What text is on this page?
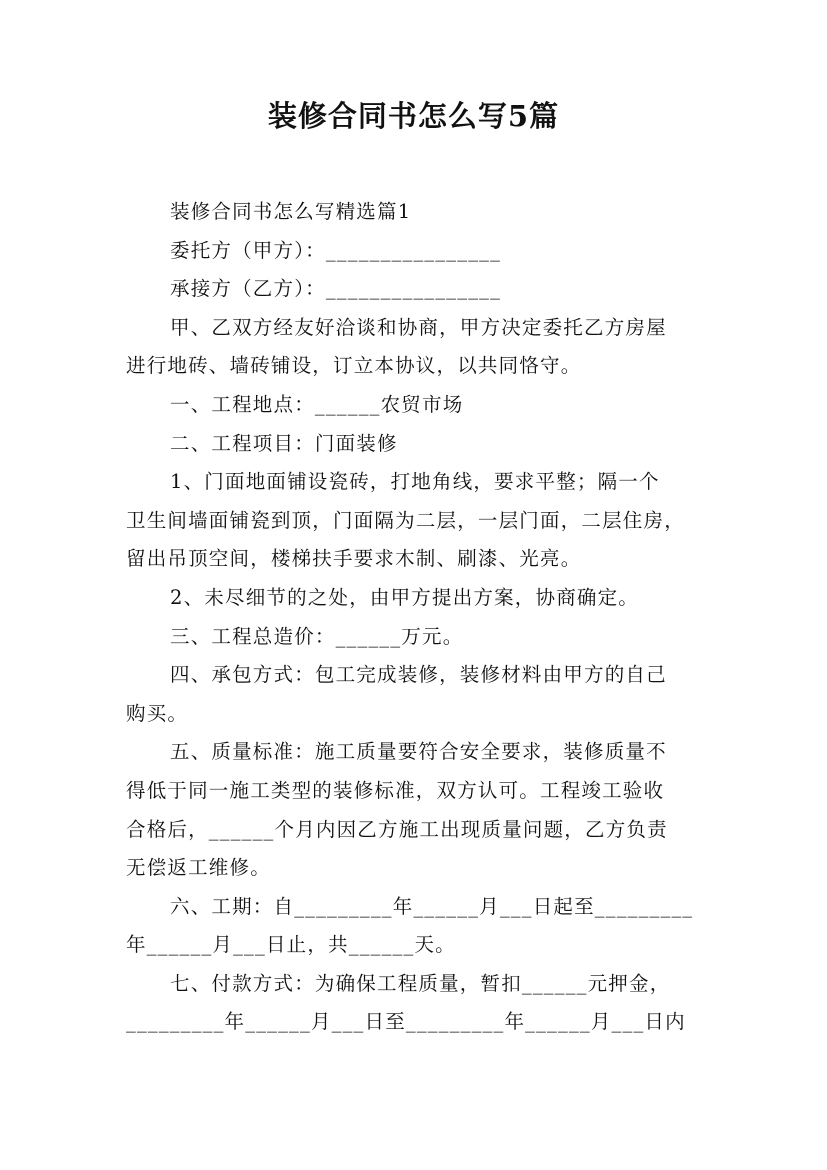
装修合同书怎么写5篇
装修合同书怎么写精选篇1
委托方（甲方）：________________
承接方（乙方）：________________
甲、乙双方经友好洽谈和协商，甲方决定委托乙方房屋
进行地砖、墙砖铺设，订立本协议，以共同恪守。
一、工程地点：______农贸市场
二、工程项目：门面装修
1、门面地面铺设瓷砖，打地角线，要求平整；隔一个
卫生间墙面铺瓷到顶，门面隔为二层，一层门面，二层住房，
留出吊顶空间，楼梯扶手要求木制、刷漆、光亮。
2、未尽细节的之处，由甲方提出方案，协商确定。
三、工程总造价：______万元。
四、承包方式：包工完成装修，装修材料由甲方的自己
购买。
五、质量标准：施工质量要符合安全要求，装修质量不
得低于同一施工类型的装修标准，双方认可。工程竣工验收
合格后，______个月内因乙方施工出现质量问题，乙方负责
无偿返工维修。
六、工期：自_________年______月___日起至_________
年______月___日止，共______天。
七、付款方式：为确保工程质量，暂扣______元押金，
_________年______月___日至_________年______月___日内
